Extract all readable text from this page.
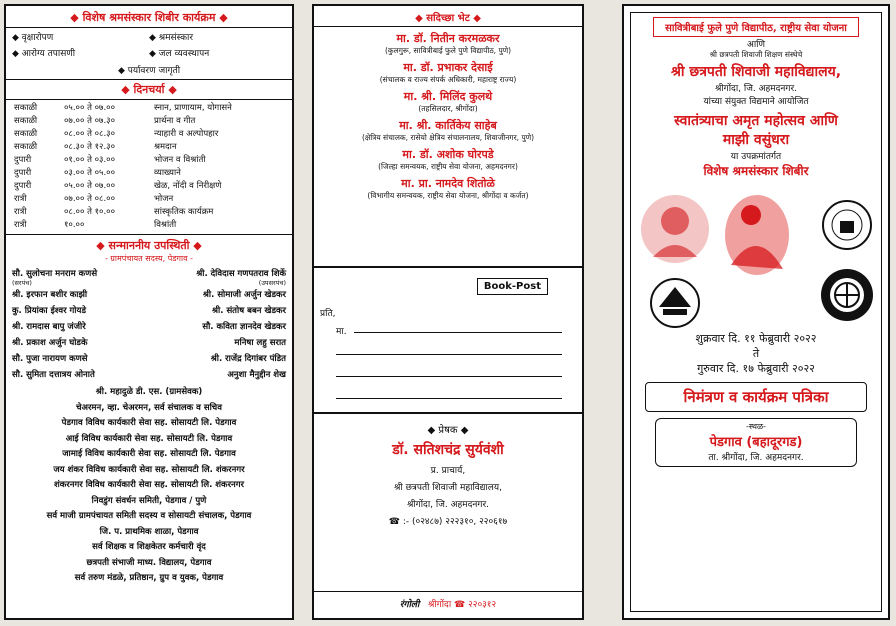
◆ विशेष श्रमसंस्कार शिबीर कार्यक्रम ◆
◆ वृक्षारोपण	◆ श्रमसंस्कार
◆ आरोग्य तपासणी	◆ जल व्यवस्थापन
◆ पर्यावरण जागृती
◆ दिनचर्या ◆
सकाळी	०५.०० ते ०७.००	स्नान, प्राणायाम, योगासने
सकाळी	०७.०० ते ०७.३०	प्रार्थना व गीत
सकाळी	०८.०० ते ०८.३०	न्याहारी व अल्पोपहार
सकाळी	०८.३० ते १२.३०	श्रमदान
दुपारी	०१.०० ते ०३.००	भोजन व विश्रांती
दुपारी	०३.०० ते ०५.००	व्याख्याने
दुपारी	०५.०० ते ०७.००	खेळ, नोंदी व निरीक्षणे
रात्री	०७.०० ते ०८.००	भोजन
रात्री	०८.०० ते १०.००	सांस्कृतिक कार्यक्रम
रात्री	१०.००	विश्रांती
◆ सन्माननीय उपस्थिती ◆
- ग्रामपंचायत सदस्य, पेडगाव -
सौ. सुलोचना मनराम कणसे	श्री. देविदास गणपतराव शिर्के
(सरपंच)	(उपसरपंच)
श्री. इरफान बशीर काझी	श्री. सोमाजी अर्जुन खेडकर
कु. प्रियांका ईश्वर गोयडे	श्री. संतोष बबन खेडकर
श्री. रामदास बापु जंजीरे	सौ. कविता ज्ञानदेव खेडकर
श्री. प्रकाश अर्जुन घोडके	मनिषा लहु सरात
सौ. पुजा नारायण कणसे	श्री. राजेंद्र दिगांबर पंडित
सौ. सुमिता दत्तात्रय ओनाते	अनुशा मैनुद्दीन शेख
श्री. महादुळे डी. एस. (ग्रामसेवक)
चेअरमन, व्हा. चेअरमन, सर्व संचालक व सचिव
पेडगाव विविध कार्यकारी सेवा सह. सोसायटी लि. पेडगाव
आई विविध कार्यकारी सेवा सह. सोसायटी लि. पेडगाव
जामाई विविध कार्यकारी सेवा सह. सोसायटी लि. पेडगाव
जय शंकर विविध कार्यकारी सेवा सह. सोसायटी लि. शंकरनगर
शंकरनगर विविध कार्यकारी सेवा सह. सोसायटी लि. शंकरनगर
निवडुंग संवर्धन समिती, पेडगाव / पुणे
सर्व माजी ग्रामपंचायत समिती सदस्य व सोसायटी संचालक, पेडगाव
जि. प. प्राथमिक शाळा, पेडगाव
सर्व शिक्षक व शिक्षकेतर कर्मचारी वृंद
छत्रपती संभाजी माध्य. विद्यालय, पेडगाव
सर्व तरुण मंडळे, प्रतिष्ठान, ग्रुप व युवक, पेडगाव
◆ सदिच्छा भेट ◆
मा. डॉ. नितीन करमळकर
(कुलगुरू, सावित्रीबाई फुले पुणे विद्यापीठ, पुणे)
मा. डॉ. प्रभाकर देसाई
(संचालक व राज्य संपर्क अधिकारी, महाराष्ट्र राज्य)
मा. श्री. मिलिंद कुलथे
(तहसिलदार, श्रीगोंदा)
मा. श्री. कार्तिकेय साहेब
(क्षेत्रिय संचालक, रासेयो क्षेत्रिय संचालनालय, शिवाजीनगर, पुणे)
मा. डॉ. अशोक घोरपडे
(जिल्हा समन्वयक, राष्ट्रीय सेवा योजना, अहमदनगर)
मा. प्रा. नामदेव शितोळे
(विभागीय समन्वयक, राष्ट्रीय सेवा योजना, श्रीगोंदा व कर्जत)
Book-Post
प्रति,
मा.
◆ प्रेषक ◆
डॉ. सतिशचंद्र सुर्यवंशी
प्र. प्राचार्य,
श्री छत्रपती शिवाजी महाविद्यालय,
श्रीगोंदा, जि. अहमदनगर.
☎ :- (०२४८७) २२२३१०, २२०६१७
रंगोली श्रीगोंदा ☎ २२०३१२
सावित्रीबाई फुले पुणे विद्यापीठ, राष्ट्रीय सेवा योजना
आणि
श्री छत्रपती शिवाजी शिक्षण संस्थेचे
श्री छत्रपती शिवाजी महाविद्यालय,
श्रीगोंदा, जि. अहमदनगर.
यांच्या संयुक्त विद्यमाने आयोजित
स्वातंत्र्याचा अमृत महोत्सव आणि
माझी वसुंधरा
या उपक्रमांतर्गत
विशेष श्रमसंस्कार शिबीर
शुक्रवार दि. ११ फेब्रुवारी २०२२
ते
गुरुवार दि. १७ फेब्रुवारी २०२२
निमंत्रण व कार्यक्रम पत्रिका
-स्थळ-
पेडगाव (बहादूरगड)
ता. श्रीगोंदा, जि. अहमदनगर.
